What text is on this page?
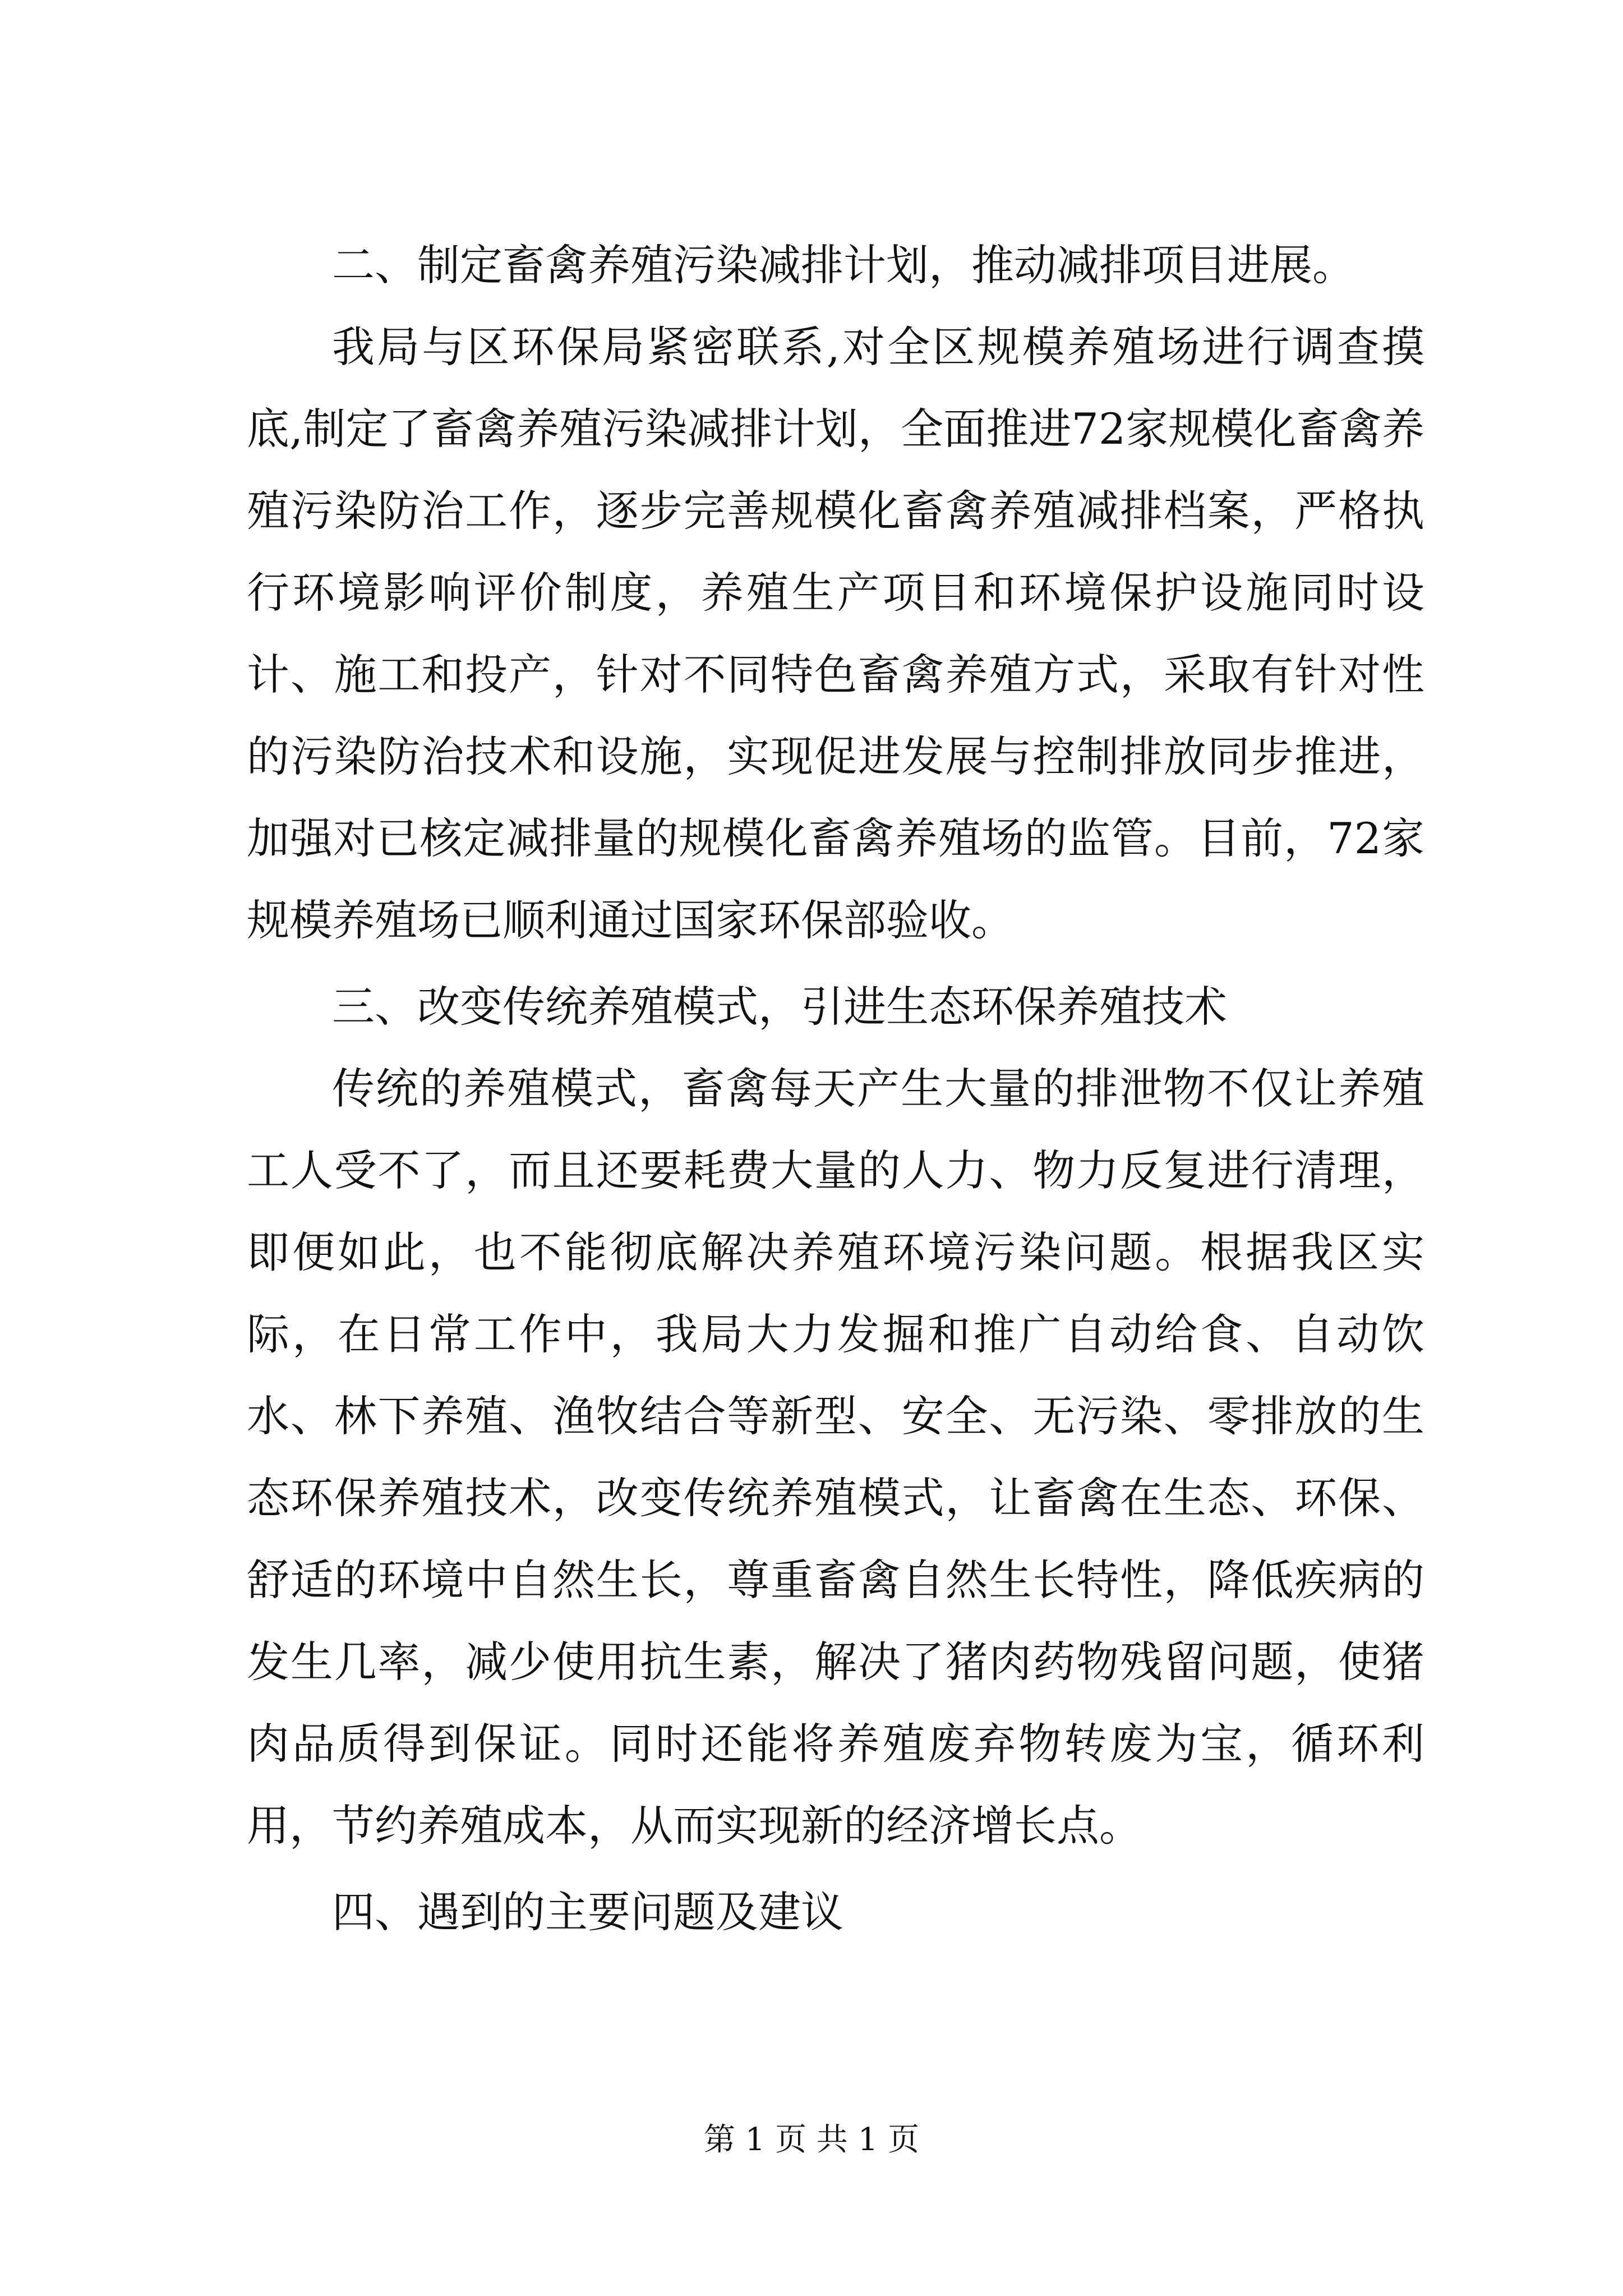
二、制定畜禽养殖污染减排计划，推动减排项目进展。

我局与区环保局紧密联系,对全区规模养殖场进行调查摸底,制定了畜禽养殖污染减排计划，全面推进72家规模化畜禽养殖污染防治工作，逐步完善规模化畜禽养殖减排档案，严格执行环境影响评价制度，养殖生产项目和环境保护设施同时设计、施工和投产，针对不同特色畜禽养殖方式，采取有针对性的污染防治技术和设施，实现促进发展与控制排放同步推进，加强对已核定减排量的规模化畜禽养殖场的监管。目前，72家规模养殖场已顺利通过国家环保部验收。

三、改变传统养殖模式，引进生态环保养殖技术

传统的养殖模式，畜禽每天产生大量的排泄物不仅让养殖工人受不了，而且还要耗费大量的人力、物力反复进行清理，即便如此，也不能彻底解决养殖环境污染问题。根据我区实际，在日常工作中，我局大力发掘和推广自动给食、自动饮水、林下养殖、渔牧结合等新型、安全、无污染、零排放的生态环保养殖技术，改变传统养殖模式，让畜禽在生态、环保、舒适的环境中自然生长，尊重畜禽自然生长特性，降低疾病的发生几率，减少使用抗生素，解决了猪肉药物残留问题，使猪肉品质得到保证。同时还能将养殖废弃物转废为宝，循环利用，节约养殖成本，从而实现新的经济增长点。

四、遇到的主要问题及建议
第 1 页 共 1 页
